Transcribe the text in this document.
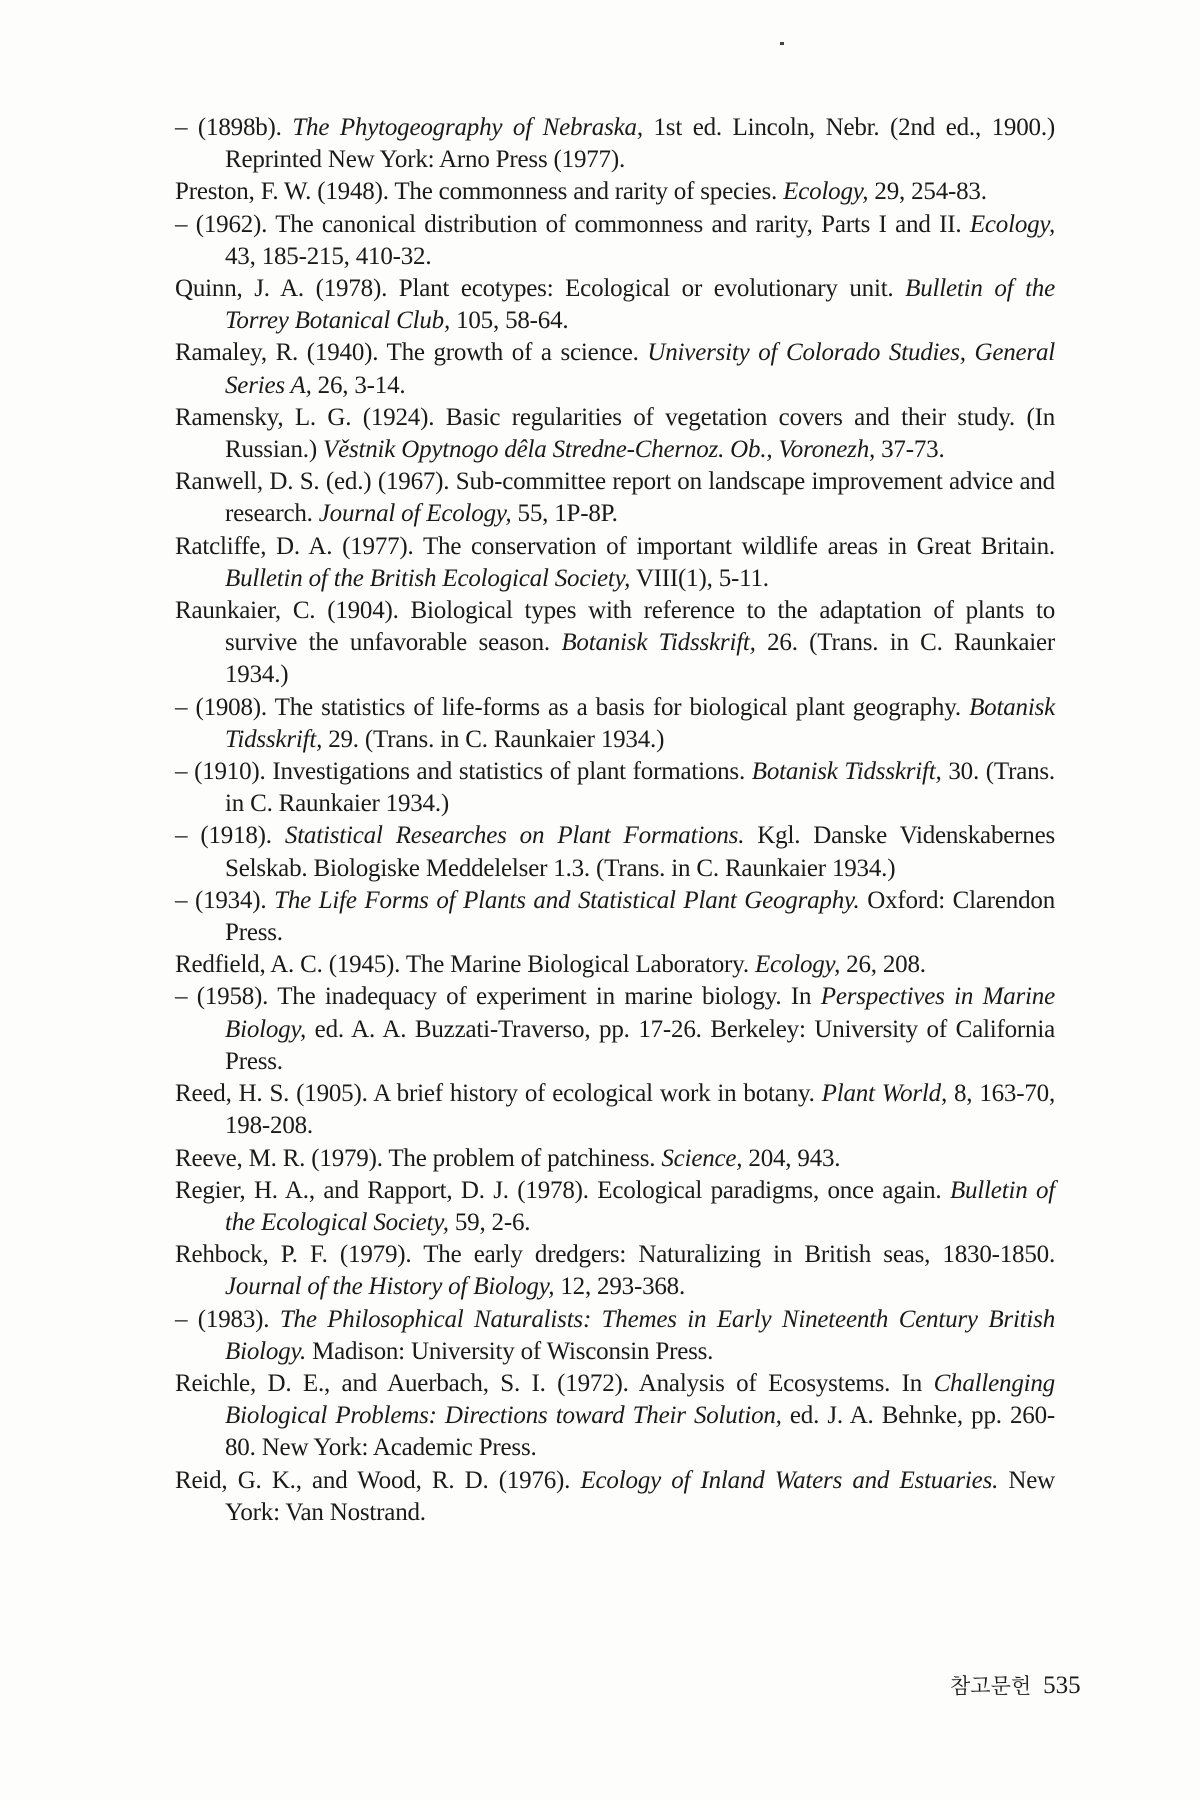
– (1898b). The Phytogeography of Nebraska, 1st ed. Lincoln, Nebr. (2nd ed., 1900.) Reprinted New York: Arno Press (1977).
Preston, F. W. (1948). The commonness and rarity of species. Ecology, 29, 254-83.
– (1962). The canonical distribution of commonness and rarity, Parts I and II. Ecology, 43, 185-215, 410-32.
Quinn, J. A. (1978). Plant ecotypes: Ecological or evolutionary unit. Bulletin of the Torrey Botanical Club, 105, 58-64.
Ramaley, R. (1940). The growth of a science. University of Colorado Studies, General Series A, 26, 3-14.
Ramensky, L. G. (1924). Basic regularities of vegetation covers and their study. (In Russian.) Věstnik Opytnogo dêla Stredne-Chernoz. Ob., Voronezh, 37-73.
Ranwell, D. S. (ed.) (1967). Sub-committee report on landscape improvement advice and research. Journal of Ecology, 55, 1P-8P.
Ratcliffe, D. A. (1977). The conservation of important wildlife areas in Great Britain. Bulletin of the British Ecological Society, VIII(1), 5-11.
Raunkaier, C. (1904). Biological types with reference to the adaptation of plants to survive the unfavorable season. Botanisk Tidsskrift, 26. (Trans. in C. Raunkaier 1934.)
– (1908). The statistics of life-forms as a basis for biological plant geography. Botanisk Tidsskrift, 29. (Trans. in C. Raunkaier 1934.)
– (1910). Investigations and statistics of plant formations. Botanisk Tidsskrift, 30. (Trans. in C. Raunkaier 1934.)
– (1918). Statistical Researches on Plant Formations. Kgl. Danske Videnskabernes Selskab. Biologiske Meddelelser 1.3. (Trans. in C. Raunkaier 1934.)
– (1934). The Life Forms of Plants and Statistical Plant Geography. Oxford: Clarendon Press.
Redfield, A. C. (1945). The Marine Biological Laboratory. Ecology, 26, 208.
– (1958). The inadequacy of experiment in marine biology. In Perspectives in Marine Biology, ed. A. A. Buzzati-Traverso, pp. 17-26. Berkeley: University of California Press.
Reed, H. S. (1905). A brief history of ecological work in botany. Plant World, 8, 163-70, 198-208.
Reeve, M. R. (1979). The problem of patchiness. Science, 204, 943.
Regier, H. A., and Rapport, D. J. (1978). Ecological paradigms, once again. Bulletin of the Ecological Society, 59, 2-6.
Rehbock, P. F. (1979). The early dredgers: Naturalizing in British seas, 1830-1850. Journal of the History of Biology, 12, 293-368.
– (1983). The Philosophical Naturalists: Themes in Early Nineteenth Century British Biology. Madison: University of Wisconsin Press.
Reichle, D. E., and Auerbach, S. I. (1972). Analysis of Ecosystems. In Challenging Biological Problems: Directions toward Their Solution, ed. J. A. Behnke, pp. 260-80. New York: Academic Press.
Reid, G. K., and Wood, R. D. (1976). Ecology of Inland Waters and Estuaries. New York: Van Nostrand.
참고문헌 535
